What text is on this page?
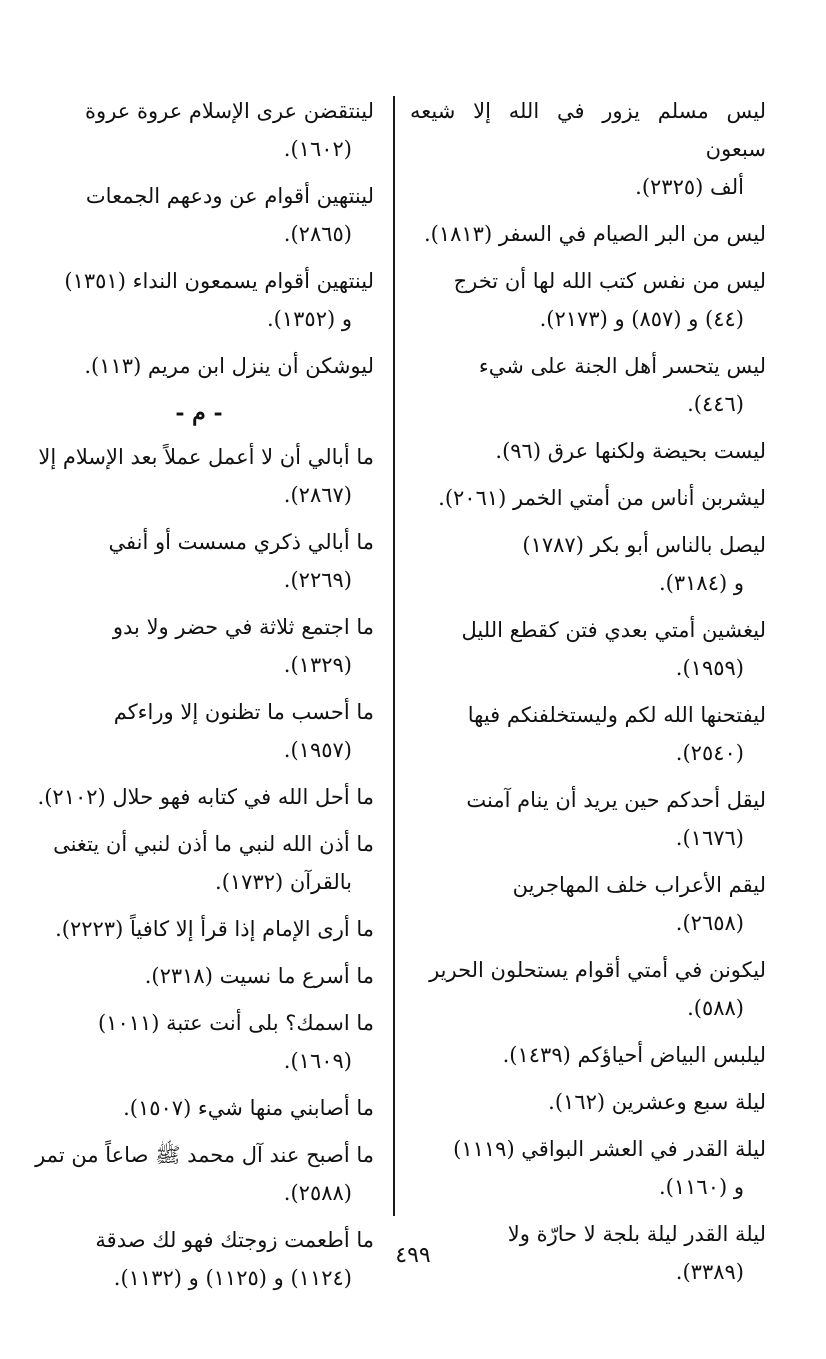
ليس مسلم يزور في الله إلا شيعه سبعون
ألف (٢٣٢٥).
ليس من البر الصيام في السفر (١٨١٣).
ليس من نفس كتب الله لها أن تخرج
(٤٤) و (٨٥٧) و (٢١٧٣).
ليس يتحسر أهل الجنة على شيء
(٤٤٦).
ليست بحيضة ولكنها عرق (٩٦).
ليشربن أناس من أمتي الخمر (٢٠٦١).
ليصل بالناس أبو بكر (١٧٨٧)
و (٣١٨٤).
ليغشين أمتي بعدي فتن كقطع الليل
(١٩٥٩).
ليفتحنها الله لكم وليستخلفنكم فيها
(٢٥٤٠).
ليقل أحدكم حين يريد أن ينام آمنت
(١٦٧٦).
ليقم الأعراب خلف المهاجرين
(٢٦٥٨).
ليكونن في أمتي أقوام يستحلون الحرير
(٥٨٨).
ليلبس البياض أحياؤكم (١٤٣٩).
ليلة سبع وعشرين (١٦٢).
ليلة القدر في العشر البواقي (١١١٩)
و (١١٦٠).
ليلة القدر ليلة بلجة لا حارّة ولا
(٣٣٨٩).
لينتقضن عرى الإسلام عروة عروة
(١٦٠٢).
لينتهين أقوام عن ودعهم الجمعات
(٢٨٦٥).
لينتهين أقوام يسمعون النداء (١٣٥١)
و (١٣٥٢).
ليوشكن أن ينزل ابن مريم (١١٣).
- م -
ما أبالي أن لا أعمل عملاً بعد الإسلام إلا
(٢٨٦٧).
ما أبالي ذكري مسست أو أنفي
(٢٢٦٩).
ما اجتمع ثلاثة في حضر ولا بدو
(١٣٢٩).
ما أحسب ما تظنون إلا وراءكم
(١٩٥٧).
ما أحل الله في كتابه فهو حلال (٢١٠٢).
ما أذن الله لنبي ما أذن لنبي أن يتغنى
بالقرآن (١٧٣٢).
ما أرى الإمام إذا قرأ إلا كافياً (٢٢٢٣).
ما أسرع ما نسيت (٢٣١٨).
ما اسمك؟ بلى أنت عتبة (١٠١١)
(١٦٠٩).
ما أصابني منها شيء (١٥٠٧).
ما أصبح عند آل محمد ﷺ صاعاً من تمر
(٢٥٨٨).
ما أطعمت زوجتك فهو لك صدقة
(١١٢٤) و (١١٢٥) و (١١٣٢).
٤٩٩
